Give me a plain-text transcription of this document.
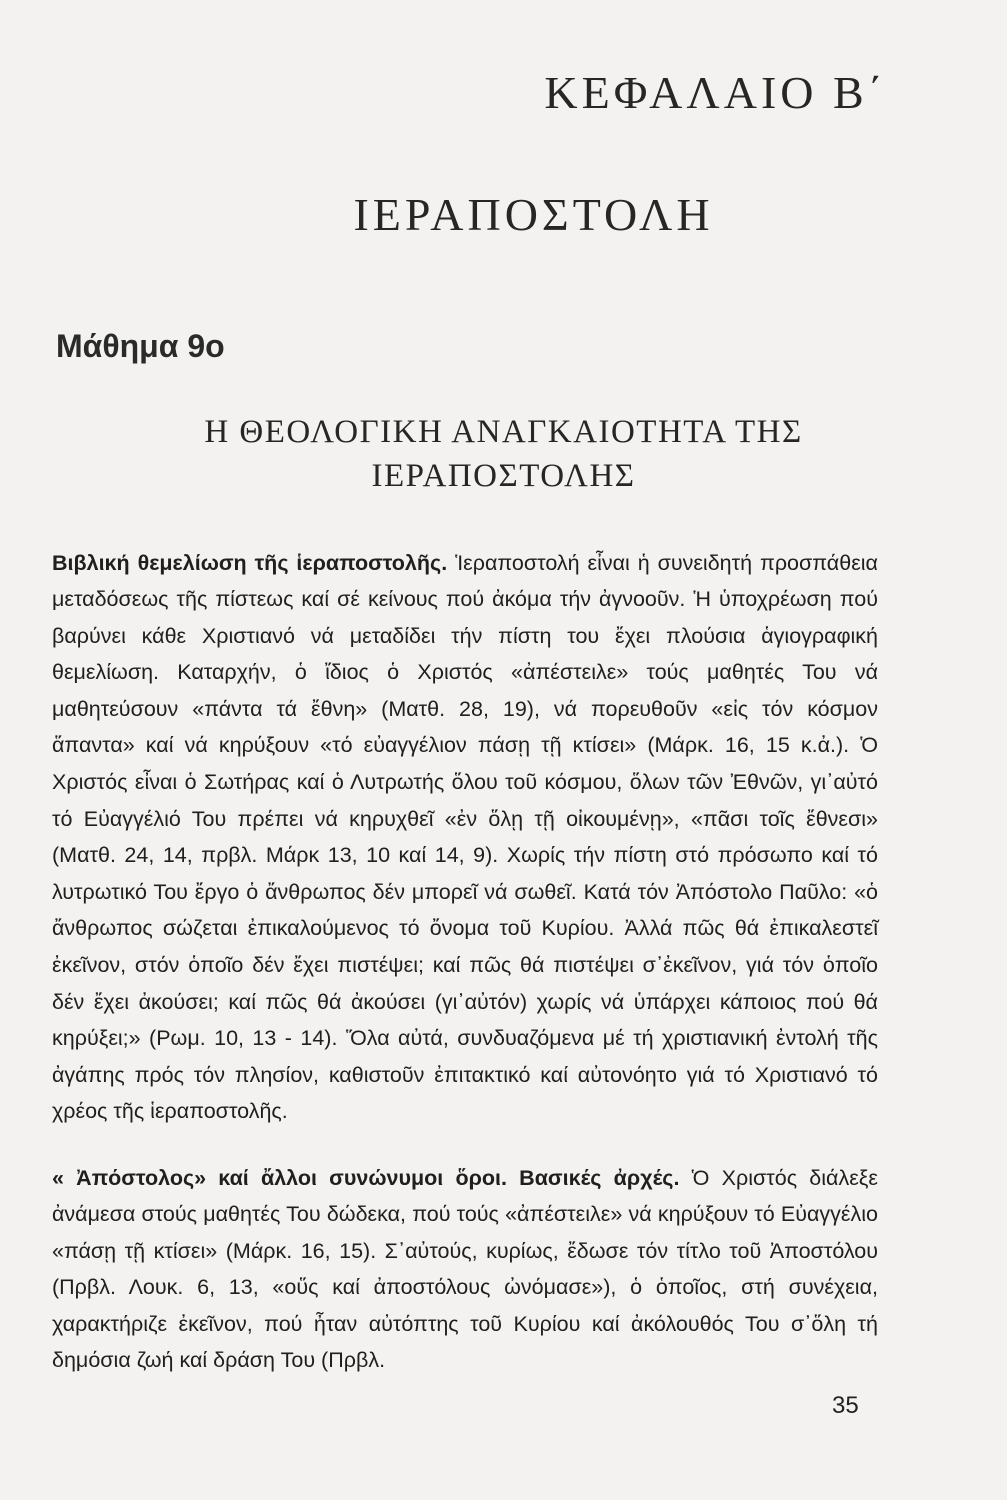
ΚΕΦΑΛΑΙΟ Β΄
ΙΕΡΑΠΟΣΤΟΛΗ
Μάθημα 9ο
Η ΘΕΟΛΟΓΙΚΗ ΑΝΑΓΚΑΙΟΤΗΤΑ ΤΗΣ
ΙΕΡΑΠΟΣΤΟΛΗΣ

Βιβλική θεμελίωση τῆς ἱεραποστολῆς. Ἱεραποστολή εἶναι ἡ συνειδητή προσπάθεια μεταδόσεως τῆς πίστεως καί σέ κείνους πού ἀκόμα τήν ἀγνοοῦν. Ἡ ὑποχρέωση πού βαρύνει κάθε Χριστιανό νά μεταδίδει τήν πίστη του ἔχει πλούσια ἁγιογραφική θεμελίωση. Καταρχήν, ὁ ἴδιος ὁ Χριστός «ἀπέστειλε» τούς μαθητές Του νά μαθητεύσουν «πάντα τά ἔθνη» (Ματθ. 28, 19), νά πορευθοῦν «εἰς τόν κόσμον ἅπαντα» καί νά κηρύξουν «τό εὐαγγέλιον πάσῃ τῇ κτίσει» (Μάρκ. 16, 15 κ.ἀ.). Ὁ Χριστός εἶναι ὁ Σωτήρας καί ὁ Λυτρωτής ὅλου τοῦ κόσμου, ὅλων τῶν Ἐθνῶν, γι᾿αὐτό τό Εὐαγγέλιό Του πρέπει νά κηρυχθεῖ «ἐν ὅλῃ τῇ οἰκουμένῃ», «πᾶσι τοῖς ἔθνεσι» (Ματθ. 24, 14, πρβλ. Μάρκ 13, 10 καί 14, 9). Χωρίς τήν πίστη στό πρόσωπο καί τό λυτρωτικό Του ἔργο ὁ ἄνθρωπος δέν μπορεῖ νά σωθεῖ. Κατά τόν Ἀπόστολο Παῦλο: «ὁ ἄνθρωπος σώζεται ἐπικαλούμενος τό ὄνομα τοῦ Κυρίου. Ἀλλά πῶς θά ἐπικαλεστεῖ ἐκεῖνον, στόν ὁποῖο δέν ἔχει πιστέψει; καί πῶς θά πιστέψει σ᾿ἐκεῖνον, γιά τόν ὁποῖο δέν ἔχει ἀκούσει; καί πῶς θά ἀκούσει (γι᾿αὐτόν) χωρίς νά ὑπάρχει κάποιος πού θά κηρύξει;» (Ρωμ. 10, 13 - 14). Ὅλα αὐτά, συνδυαζόμενα μέ τή χριστιανική ἐντολή τῆς ἀγάπης πρός τόν πλησίον, καθιστοῦν ἐπιτακτικό καί αὐτονόητο γιά τό Χριστιανό τό χρέος τῆς ἱεραποστολῆς.

« Ἀπόστολος» καί ἄλλοι συνώνυμοι ὅροι. Βασικές ἀρχές. Ὁ Χριστός διάλεξε ἀνάμεσα στούς μαθητές Του δώδεκα, πού τούς «ἀπέστειλε» νά κηρύξουν τό Εὐαγγέλιο «πάσῃ τῇ κτίσει» (Μάρκ. 16, 15). Σ᾿αὐτούς, κυρίως, ἔδωσε τόν τίτλο τοῦ Ἀποστόλου (Πρβλ. Λουκ. 6, 13, «οὕς καί ἀποστόλους ὠνόμασε»), ὁ ὁποῖος, στή συνέχεια, χαρακτήριζε ἐκεῖνον, πού ἦταν αὐτόπτης τοῦ Κυρίου καί ἀκόλουθός Του σ᾿ὅλη τή δημόσια ζωή καί δράση Του (Πρβλ.

35
